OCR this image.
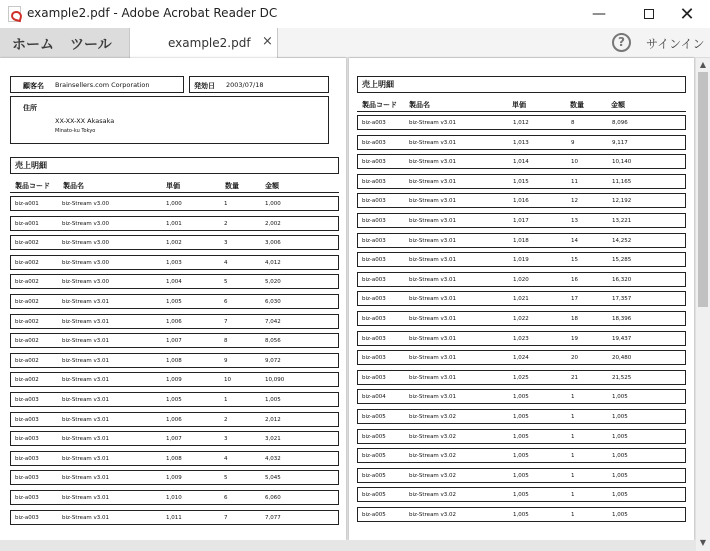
example2.pdf - Adobe Acrobat Reader DC	—	✕
ホーム ツール	example2.pdf ×	?	サインイン
顧客名 Brainsellers.com Corporation	発効日 2003/07/18
住所
XX-XX-XX Akasaka
Minato-ku Tokyo
売上明細
製品コード 製品名	単価	数量	金額
biz-a001	biz-Stream v3.00	1,000	1	1,000
biz-a001	biz-Stream v3.00	1,001	2	2,002
biz-a002	biz-Stream v3.00	1,002	3	3,006
biz-a002	biz-Stream v3.00	1,003	4	4,012
biz-a002	biz-Stream v3.00	1,004	5	5,020
biz-a002	biz-Stream v3.01	1,005	6	6,030
biz-a002	biz-Stream v3.01	1,006	7	7,042
biz-a002	biz-Stream v3.01	1,007	8	8,056
biz-a002	biz-Stream v3.01	1,008	9	9,072
biz-a002	biz-Stream v3.01	1,009	10	10,090
biz-a003	biz-Stream v3.01	1,005	1	1,005
biz-a003	biz-Stream v3.01	1,006	2	2,012
biz-a003	biz-Stream v3.01	1,007	3	3,021
biz-a003	biz-Stream v3.01	1,008	4	4,032
biz-a003	biz-Stream v3.01	1,009	5	5,045
biz-a003	biz-Stream v3.01	1,010	6	6,060
biz-a003	biz-Stream v3.01	1,011	7	7,077
売上明細
製品コード 製品名	単価	数量	金額
biz-a003	biz-Stream v3.01	1,012	8	8,096
biz-a003	biz-Stream v3.01	1,013	9	9,117
biz-a003	biz-Stream v3.01	1,014	10	10,140
biz-a003	biz-Stream v3.01	1,015	11	11,165
biz-a003	biz-Stream v3.01	1,016	12	12,192
biz-a003	biz-Stream v3.01	1,017	13	13,221
biz-a003	biz-Stream v3.01	1,018	14	14,252
biz-a003	biz-Stream v3.01	1,019	15	15,285
biz-a003	biz-Stream v3.01	1,020	16	16,320
biz-a003	biz-Stream v3.01	1,021	17	17,357
biz-a003	biz-Stream v3.01	1,022	18	18,396
biz-a003	biz-Stream v3.01	1,023	19	19,437
biz-a003	biz-Stream v3.01	1,024	20	20,480
biz-a003	biz-Stream v3.01	1,025	21	21,525
biz-a004	biz-Stream v3.01	1,005	1	1,005
biz-a005	biz-Stream v3.02	1,005	1	1,005
biz-a005	biz-Stream v3.02	1,005	1	1,005
biz-a005	biz-Stream v3.02	1,005	1	1,005
biz-a005	biz-Stream v3.02	1,005	1	1,005
biz-a005	biz-Stream v3.02	1,005	1	1,005
biz-a005	biz-Stream v3.02	1,005	1	1,005
▲
▼
